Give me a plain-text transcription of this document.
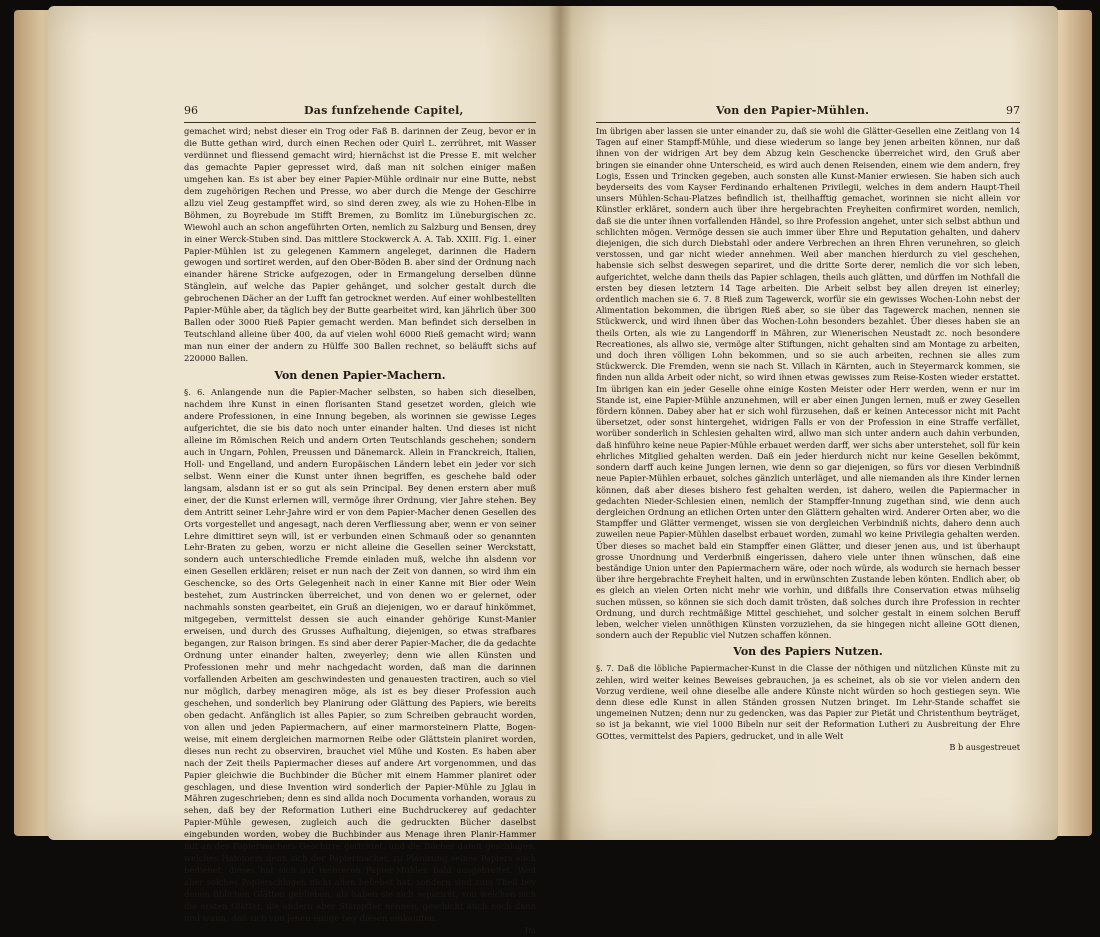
96	Das funfzehende Capitel,

gemachet wird; nebst dieser ein Trog oder Faß B. darinnen der Zeug, bevor er in die Butte gethan wird, durch einen Rechen oder Quirl L. zerrühret, mit Wasser verdünnet und fliessend gemacht wird; hiernächst ist die Presse E. mit welcher das gemachte Papier gepresset wird, daß man nit solchen einiger maßen umgehen kan. Es ist aber bey einer Papier-Mühle ordinair nur eine Butte, nebst dem zugehörigen Rechen und Presse, wo aber durch die Menge der Geschirre allzu viel Zeug gestampffet wird, so sind deren zwey, als wie zu Hohen-Elbe in Böhmen, zu Boyrebude im Stifft Bremen, zu Bomlitz im Lüneburgischen zc. Wiewohl auch an schon angeführten Orten, nemlich zu Salzburg und Bensen, drey in einer Werck-Stuben sind. Das mittlere Stockwerck A. A. Tab. XXIII. Fig. 1. einer Papier-Mühlen ist zu gelegenen Kammern angeleget, darinnen die Hadern gewogen und sortiret werden, auf den Ober-Böden B. aber sind der Ordnung nach einander härene Stricke aufgezogen, oder in Ermangelung derselben dünne Stänglein, auf welche das Papier gehänget, und solcher gestalt durch die gebrochenen Dächer an der Lufft fan getrocknet werden. Auf einer wohlbestellten Papier-Mühle aber, da täglich bey der Butte gearbeitet wird, kan jährlich über 300 Ballen oder 3000 Rieß Papier gemacht werden. Man befindet sich derselben in Teutschland alleine über 400, da auf vielen wohl 6000 Rieß gemacht wird; wann man nun einer der andern zu Hülffe 300 Ballen rechnet, so beläufft sichs auf 220000 Ballen.

Von denen Papier-Machern.

§. 6. Anlangende nun die Papier-Macher selbsten, so haben sich dieselben, nachdem ihre Kunst in einen florisanten Stand gesetzet worden, gleich wie andere Professionen, in eine Innung begeben, als worinnen sie gewisse Leges aufgerichtet, die sie bis dato noch unter einander halten. Und dieses ist nicht alleine im Römischen Reich und andern Orten Teutschlands geschehen; sondern auch in Ungarn, Pohlen, Preussen und Dänemarck. Allein in Franckreich, Italien, Holl- und Engelland, und andern Europäischen Ländern lebet ein jeder vor sich selbst. Wenn einer die Kunst unter ihnen begriffen, es geschehe bald oder langsam, alsdann ist er so gut als sein Principal. Bey denen erstern aber muß einer, der die Kunst erlernen will, vermöge ihrer Ordnung, vier Jahre stehen. Bey dem Antritt seiner Lehr-Jahre wird er von dem Papier-Macher denen Gesellen des Orts vorgestellet und angesagt, nach deren Verfliessung aber, wenn er von seiner Lehre dimittiret seyn will, ist er verbunden einen Schmauß oder so genannten Lehr-Braten zu geben, worzu er nicht alleine die Gesellen seiner Werckstatt, sondern auch unterschiedliche Fremde einladen muß, welche ihn alsdenn vor einen Gesellen erklären; reiset er nun nach der Zeit von dannen, so wird ihm ein Geschencke, so des Orts Gelegenheit nach in einer Kanne mit Bier oder Wein bestehet, zum Austrincken überreichet, und von denen wo er gelernet, oder nachmahls sonsten gearbeitet, ein Gruß an diejenigen, wo er darauf hinkömmet, mitgegeben, vermittelst dessen sie auch einander gehörige Kunst-Manier erweisen, und durch des Grusses Aufhaltung, diejenigen, so etwas strafbares begangen, zur Raison bringen. Es sind aber derer Papier-Macher, die da gedachte Ordnung unter einander halten, zweyerley; denn wie allen Künsten und Professionen mehr und mehr nachgedacht worden, daß man die darinnen vorfallenden Arbeiten am geschwindesten und genauesten tractiren, auch so viel nur möglich, darbey menagiren möge, als ist es bey dieser Profession auch geschehen, und sonderlich bey Planirung oder Glättung des Papiers, wie bereits oben gedacht. Anfänglich ist alles Papier, so zum Schreiben gebraucht worden, von allen und jeden Papiermachern, auf einer marmorsteinern Platte, Bogen-weise, mit einem dergleichen marmornen Reibe oder Glättstein planiret worden, dieses nun recht zu observiren, brauchet viel Mühe und Kosten. Es haben aber nach der Zeit theils Papiermacher dieses auf andere Art vorgenommen, und das Papier gleichwie die Buchbinder die Bücher mit einem Hammer planiret oder geschlagen, und diese Invention wird sonderlich der Papier-Mühle zu Jglau in Mähren zugeschrieben; denn es sind allda noch Documenta vorhanden, woraus zu sehen, daß bey der Reformation Lutheri eine Buchdruckerey auf gedachter Papier-Mühle gewesen, zugleich auch die gedruckten Bücher daselbst eingebunden worden, wobey die Buchbinder aus Menage ihren Planir-Hammer mit an des Papiermachers Geschirre gerichtet, und die Bücher damit geschlagen, welches Hammers denn sich der Papiermacher, zu Planirung seines Papiers auch bedienet, dieses hat sich auf mehreren Papier-Mühlen bald ausgebreitet. Weil aber solches Papierschlagen nicht allen beliebet hat, sondern sind zum Theil bey denen üblichen Glätten geblieben, als haben sie sich separiret, von welchen sich die ersten Glätter, die andern aber Stampffer nennen, geschicht auch noch dann und wann, daß sich von jenen einige bey diesen einkauffen.

Im
Von den Papier-Mühlen.	97

Im übrigen aber lassen sie unter einander zu, daß sie wohl die Glätter-Gesellen eine Zeitlang von 14 Tagen auf einer Stampff-Mühle, und diese wiederum so lange bey jenen arbeiten können, nur daß ihnen von der widrigen Art bey dem Abzug kein Geschencke überreichet wird, den Gruß aber bringen sie einander ohne Unterscheid, es wird auch denen Reisenden, einem wie dem andern, frey Logis, Essen und Trincken gegeben, auch sonsten alle Kunst-Manier erwiesen. Sie haben sich auch beyderseits des vom Kayser Ferdinando erhaltenen Privilegii, welches in dem andern Haupt-Theil unsers Mühlen-Schau-Platzes befindlich ist, theilhafftig gemachet, worinnen sie nicht allein vor Künstler erkläret, sondern auch über ihre hergebrachten Freyheiten confirmiret worden, nemlich, daß sie die unter ihnen vorfallenden Händel, so ihre Profession angehet, unter sich selbst abthun und schlichten mögen. Vermöge dessen sie auch immer über Ehre und Reputation gehalten, und daherv diejenigen, die sich durch Diebstahl oder andere Verbrechen an ihren Ehren verunehren, so gleich verstossen, und gar nicht wieder annehmen. Weil aber manchen hierdurch zu viel geschehen, habensie sich selbst deswegen separiret, und die dritte Sorte derer, nemlich die vor sich leben, aufgerichtet, welche dann theils das Papier schlagen, theils auch glätten, und dürffen im Nothfall die ersten bey diesen letztern 14 Tage arbeiten. Die Arbeit selbst bey allen dreyen ist einerley; ordentlich machen sie 6. 7. 8 Rieß zum Tagewerck, worfür sie ein gewisses Wochen-Lohn nebst der Alimentation bekommen, die übrigen Rieß aber, so sie über das Tagewerck machen, nennen sie Stückwerck, und wird ihnen über das Wochen-Lohn besonders bezahlet. Über dieses haben sie an theils Orten, als wie zu Langendorff in Mähren, zur Wienerischen Neustadt zc. noch besondere Recreationes, als allwo sie, vermöge alter Stiftungen, nicht gehalten sind am Montage zu arbeiten, und doch ihren völligen Lohn bekommen, und so sie auch arbeiten, rechnen sie alles zum Stückwerck. Die Fremden, wenn sie nach St. Villach in Kärnten, auch in Steyermarck kommen, sie finden nun allda Arbeit oder nicht, so wird ihnen etwas gewisses zum Reise-Kosten wieder erstattet. Im übrigen kan ein jeder Geselle ohne einige Kosten Meister oder Herr werden, wenn er nur im Stande ist, eine Papier-Mühle anzunehmen, will er aber einen Jungen lernen, muß er zwey Gesellen fördern können. Dabey aber hat er sich wohl fürzusehen, daß er keinen Antecessor nicht mit Pacht übersetzet, oder sonst hintergehet, widrigen Falls er von der Profession in eine Straffe verfället, worüber sonderlich in Schlesien gehalten wird, allwo man sich unter andern auch dahin verbunden, daß hinführo keine neue Papier-Mühle erbauet werden darff, wer sichs aber unterstehet, soll für kein ehrliches Mitglied gehalten werden. Daß ein jeder hierdurch nicht nur keine Gesellen bekömmt, sondern darff auch keine Jungen lernen, wie denn so gar diejenigen, so fürs vor diesen Verbindniß neue Papier-Mühlen erbauet, solches gänzlich unterläget, und alle niemanden als ihre Kinder lernen können, daß aber dieses bishero fest gehalten werden, ist dahero, weilen die Papiermacher in gedachten Nieder-Schlesien einen, nemlich der Stampffer-Innung zugethan sind, wie denn auch dergleichen Ordnung an etlichen Orten unter den Glättern gehalten wird. Anderer Orten aber, wo die Stampffer und Glätter vermenget, wissen sie von dergleichen Verbindniß nichts, dahero denn auch zuweilen neue Papier-Mühlen daselbst erbauet worden, zumahl wo keine Privilegia gehalten werden. Über dieses so machet bald ein Stampffer einen Glätter, und dieser jenen aus, und ist überhaupt grosse Unordnung und Verderbniß eingerissen, dahero viele unter ihnen wünschen, daß eine beständige Union unter den Papiermachern wäre, oder noch würde, als wodurch sie hernach besser über ihre hergebrachte Freyheit halten, und in erwünschten Zustande leben könten. Endlich aber, ob es gleich an vielen Orten nicht mehr wie vorhin, und dißfalls ihre Conservation etwas mühselig suchen müssen, so können sie sich doch damit trösten, daß solches durch ihre Profession in rechter Ordnung, und durch rechtmäßige Mittel geschiehet, und solcher gestalt in einem solchen Beruff leben, welcher vielen unnöthigen Künsten vorzuziehen, da sie hingegen nicht alleine GOtt dienen, sondern auch der Republic viel Nutzen schaffen können.

Von des Papiers Nutzen.

§. 7. Daß die löbliche Papiermacher-Kunst in die Classe der nöthigen und nützlichen Künste mit zu zehlen, wird weiter keines Beweises gebrauchen, ja es scheinet, als ob sie vor vielen andern den Vorzug verdiene, weil ohne dieselbe alle andere Künste nicht würden so hoch gestiegen seyn. Wie denn diese edle Kunst in allen Ständen grossen Nutzen bringet. Im Lehr-Stande schaffet sie ungemeinen Nutzen; denn nur zu gedencken, was das Papier zur Pietät und Christenthum beyträget, so ist ja bekannt, wie viel 1000 Bibeln nur seit der Reformation Lutheri zu Ausbreitung der Ehre GOttes, vermittelst des Papiers, gedrucket, und in alle Welt

B b ausgestreuet
